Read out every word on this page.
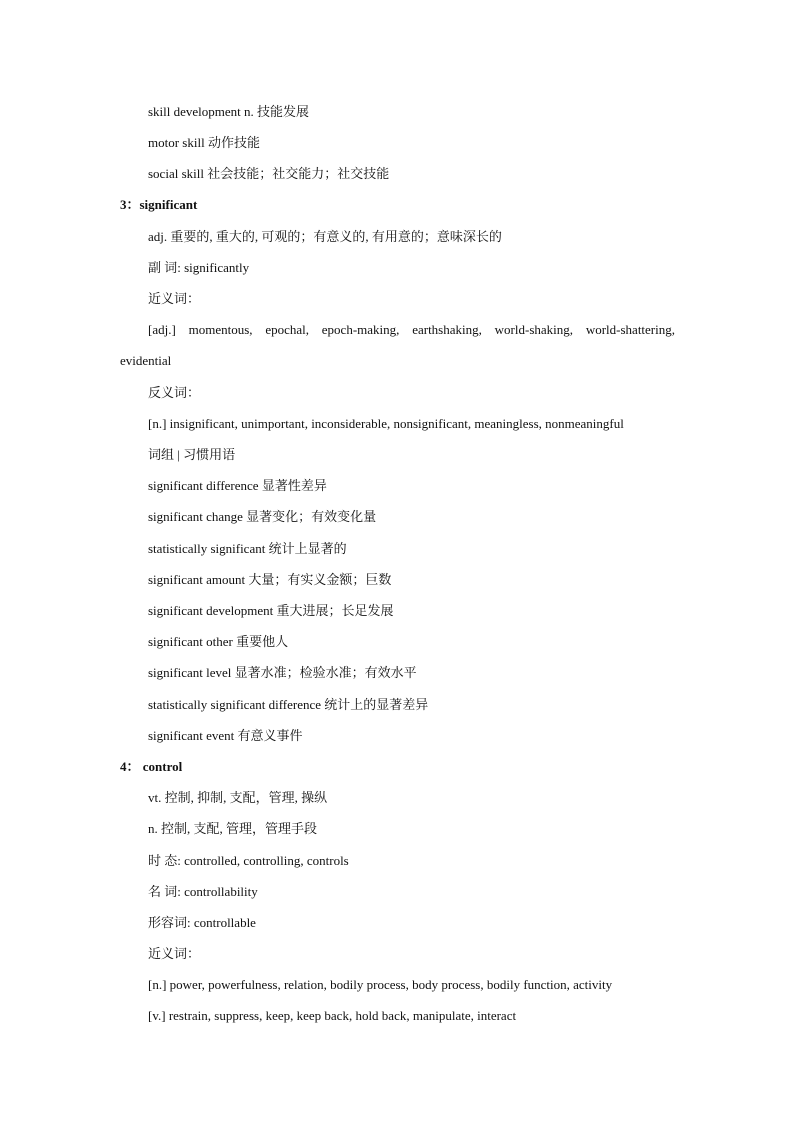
skill development n. 技能发展
motor skill 动作技能
social skill 社会技能；社交能力；社交技能
3：significant
adj. 重要的, 重大的, 可观的；有意义的, 有用意的；意味深长的
副 词: significantly
近义词：
[adj.] momentous, epochal, epoch-making, earthshaking, world-shaking, world-shattering,
evidential
反义词：
[n.] insignificant, unimportant, inconsiderable, nonsignificant, meaningless, nonmeaningful
词组 | 习惯用语
significant difference 显著性差异
significant change 显著变化；有效变化量
statistically significant 统计上显著的
significant amount 大量；有实义金额；巨数
significant development 重大进展；长足发展
significant other 重要他人
significant level 显著水准；检验水准；有效水平
statistically significant difference 统计上的显著差异
significant event 有意义事件
4： control
vt. 控制, 抑制, 支配，管理, 操纵
n. 控制, 支配, 管理，管理手段
时 态: controlled, controlling, controls
名 词: controllability
形容词: controllable
近义词：
[n.] power, powerfulness, relation, bodily process, body process, bodily function, activity
[v.] restrain, suppress, keep, keep back, hold back, manipulate, interact
